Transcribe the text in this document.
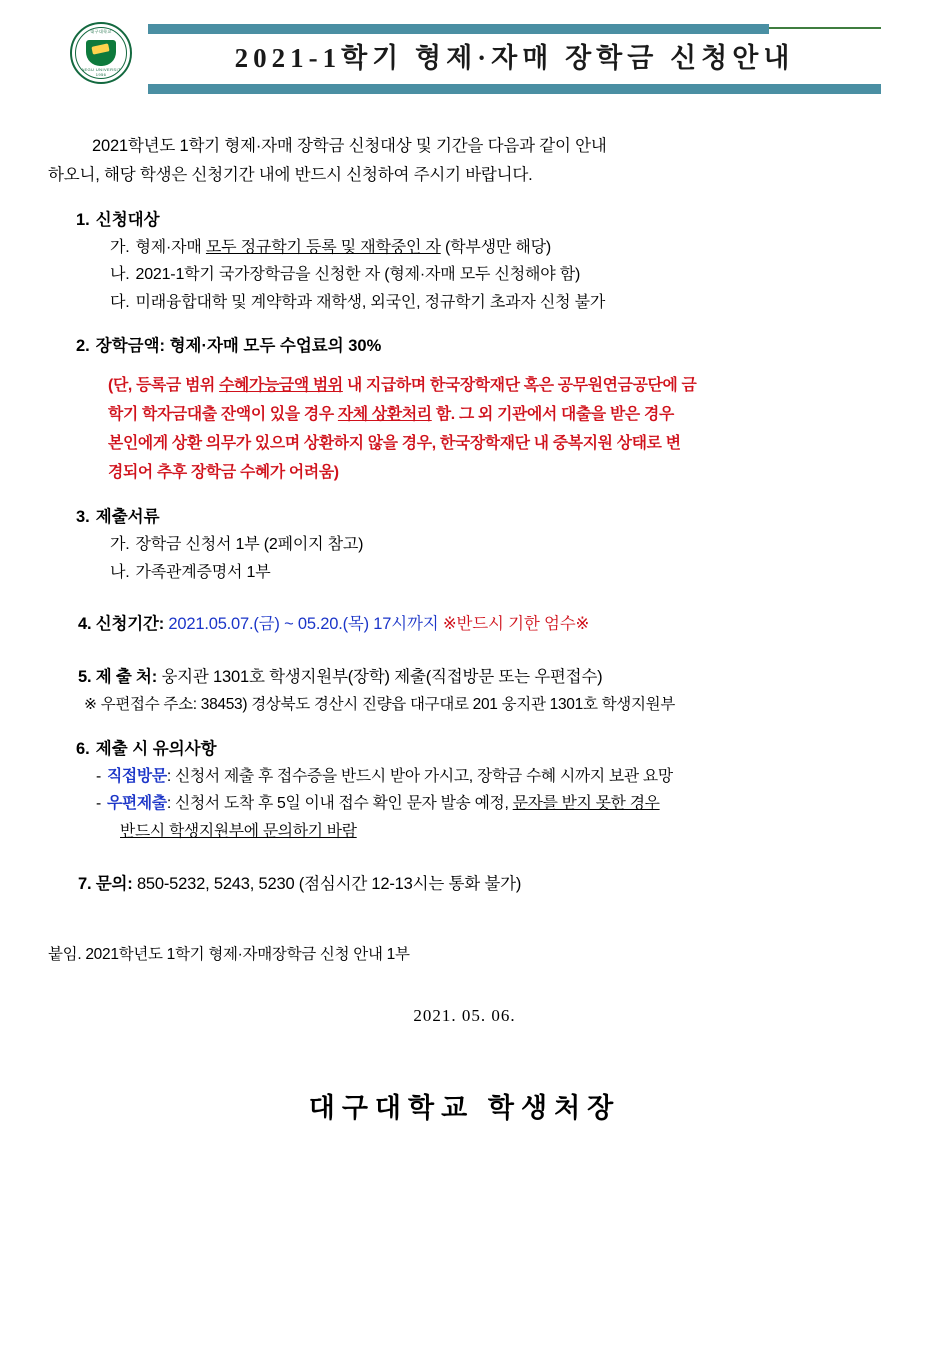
대구대학교
DAEGU UNIVERSITY 1956
2021-1학기 형제·자매 장학금 신청안내

2021학년도 1학기 형제·자매 장학금 신청대상 및 기간을 다음과 같이 안내
하오니, 해당 학생은 신청기간 내에 반드시 신청하여 주시기 바랍니다.

1. 신청대상
가. 형제·자매 모두 정규학기 등록 및 재학중인 자 (학부생만 해당)
나. 2021-1학기 국가장학금을 신청한 자 (형제·자매 모두 신청해야 함)
다. 미래융합대학 및 계약학과 재학생, 외국인, 정규학기 초과자 신청 불가
2. 장학금액: 형제·자매 모두 수업료의 30%
(단, 등록금 범위 수혜가능금액 범위 내 지급하며 한국장학재단 혹은 공무원연금공단에 금
학기 학자금대출 잔액이 있을 경우 자체 상환처리 함. 그 외 기관에서 대출을 받은 경우
본인에게 상환 의무가 있으며 상환하지 않을 경우, 한국장학재단 내 중복지원 상태로 변
경되어 추후 장학금 수혜가 어려움)
3. 제출서류
가. 장학금 신청서 1부 (2페이지 참고)
나. 가족관계증명서 1부
4. 신청기간: 2021.05.07.(금) ~ 05.20.(목) 17시까지 ※반드시 기한 엄수※
5. 제 출 처: 웅지관 1301호 학생지원부(장학) 제출(직접방문 또는 우편접수)
※ 우편접수 주소: 38453) 경상북도 경산시 진량읍 대구대로 201 웅지관 1301호 학생지원부
6. 제출 시 유의사항
- 직접방문: 신청서 제출 후 접수증을 반드시 받아 가시고, 장학금 수혜 시까지 보관 요망
- 우편제출: 신청서 도착 후 5일 이내 접수 확인 문자 발송 예정, 문자를 받지 못한 경우
반드시 학생지원부에 문의하기 바람
7. 문의: 850-5232, 5243, 5230 (점심시간 12-13시는 통화 불가)
붙임. 2021학년도 1학기 형제·자매장학금 신청 안내 1부
2021. 05. 06.
대구대학교 학생처장
